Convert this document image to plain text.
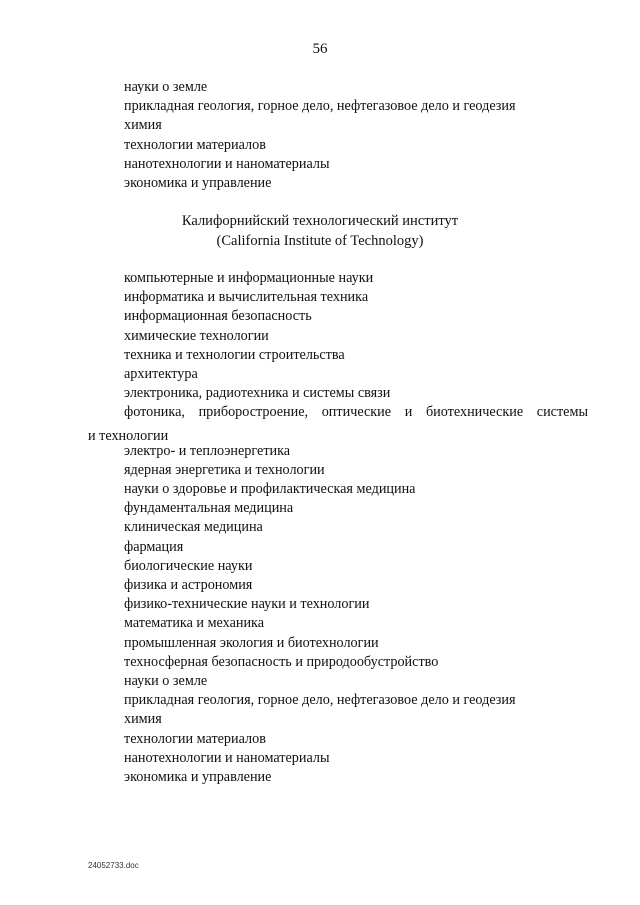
56
науки о земле
прикладная геология, горное дело, нефтегазовое дело и геодезия
химия
технологии материалов
нанотехнологии и наноматериалы
экономика и управление
Калифорнийский технологический институт
(California Institute of Technology)
компьютерные и информационные науки
информатика и вычислительная техника
информационная безопасность
химические технологии
техника и технологии строительства
архитектура
электроника, радиотехника и системы связи
фотоника, приборостроение, оптические и биотехнические системы
электро- и теплоэнергетика
ядерная энергетика и технологии
науки о здоровье и профилактическая медицина
фундаментальная медицина
клиническая медицина
фармация
биологические науки
физика и астрономия
физико-технические науки и технологии
математика и механика
промышленная экология и биотехнологии
техносферная безопасность и природообустройство
науки о земле
прикладная геология, горное дело, нефтегазовое дело и геодезия
химия
технологии материалов
нанотехнологии и наноматериалы
экономика и управление
и технологии
24052733.doc
